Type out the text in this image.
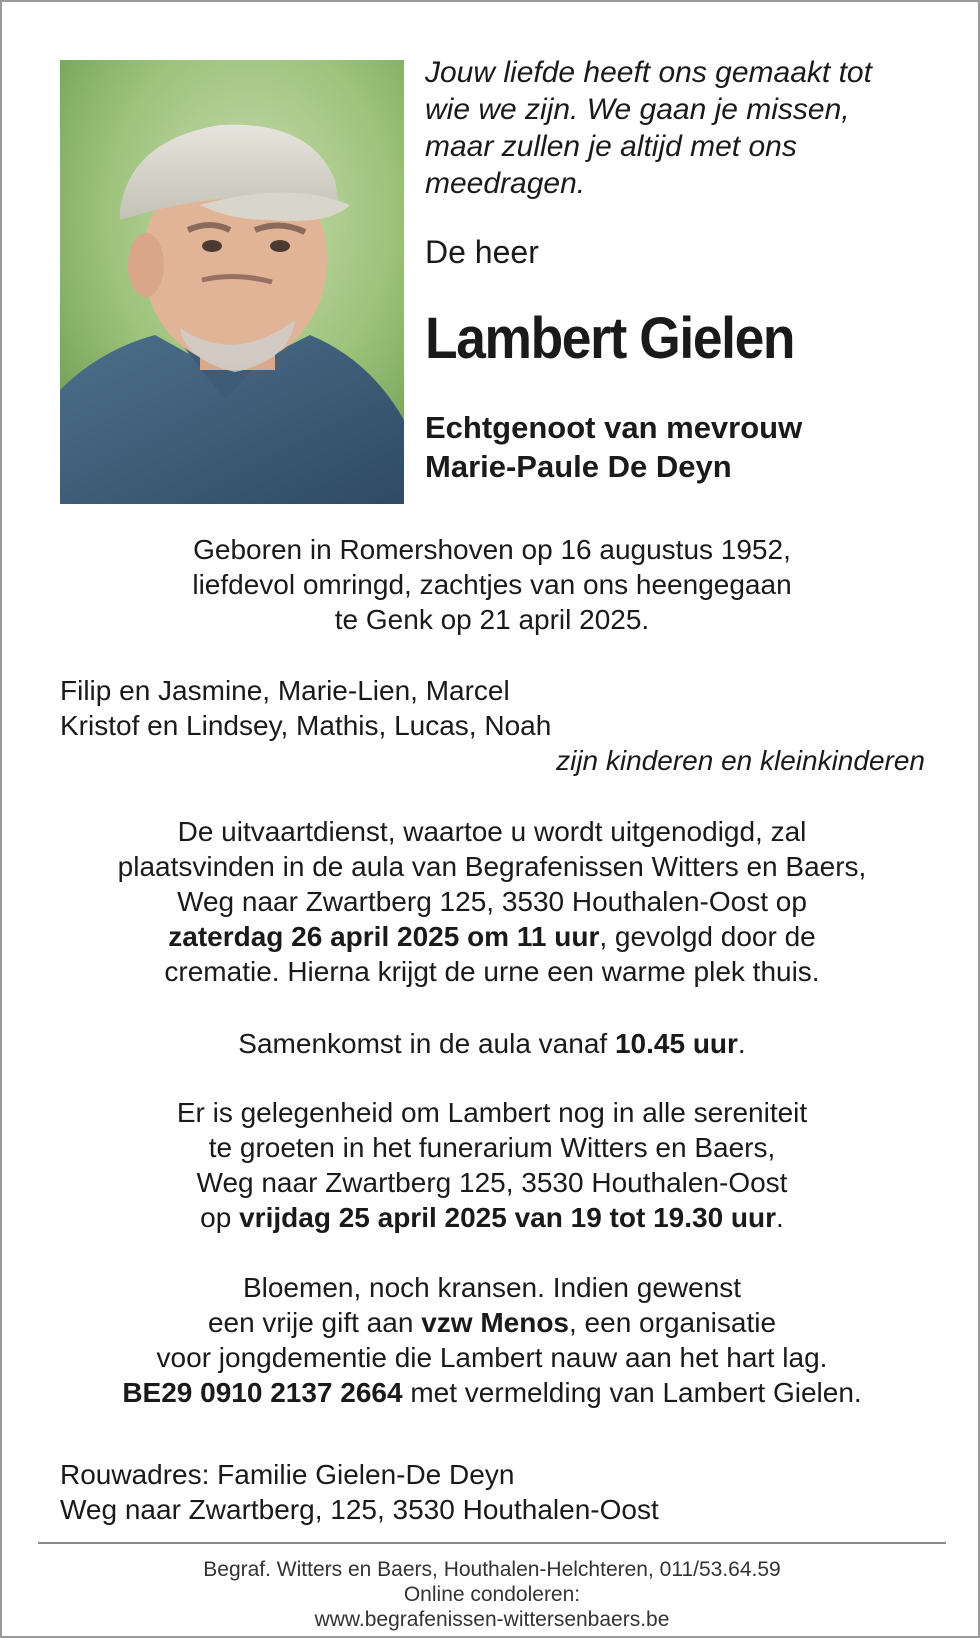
Jouw liefde heeft ons gemaakt tot
wie we zijn. We gaan je missen,
maar zullen je altijd met ons
meedragen.

De heer

Lambert Gielen

Echtgenoot van mevrouw
Marie-Paule De Deyn

Geboren in Romershoven op 16 augustus 1952,
liefdevol omringd, zachtjes van ons heengegaan
te Genk op 21 april 2025.

Filip en Jasmine, Marie-Lien, Marcel
Kristof en Lindsey, Mathis, Lucas, Noah
zijn kinderen en kleinkinderen

De uitvaartdienst, waartoe u wordt uitgenodigd, zal
plaatsvinden in de aula van Begrafenissen Witters en Baers,
Weg naar Zwartberg 125, 3530 Houthalen-Oost op
zaterdag 26 april 2025 om 11 uur, gevolgd door de
crematie. Hierna krijgt de urne een warme plek thuis.

Samenkomst in de aula vanaf 10.45 uur.

Er is gelegenheid om Lambert nog in alle sereniteit
te groeten in het funerarium Witters en Baers,
Weg naar Zwartberg 125, 3530 Houthalen-Oost
op vrijdag 25 april 2025 van 19 tot 19.30 uur.

Bloemen, noch kransen. Indien gewenst
een vrije gift aan vzw Menos, een organisatie
voor jongdementie die Lambert nauw aan het hart lag.
BE29 0910 2137 2664 met vermelding van Lambert Gielen.

Rouwadres: Familie Gielen-De Deyn
Weg naar Zwartberg, 125, 3530 Houthalen-Oost

Begraf. Witters en Baers, Houthalen-Helchteren, 011/53.64.59
Online condoleren:
www.begrafenissen-wittersenbaers.be
